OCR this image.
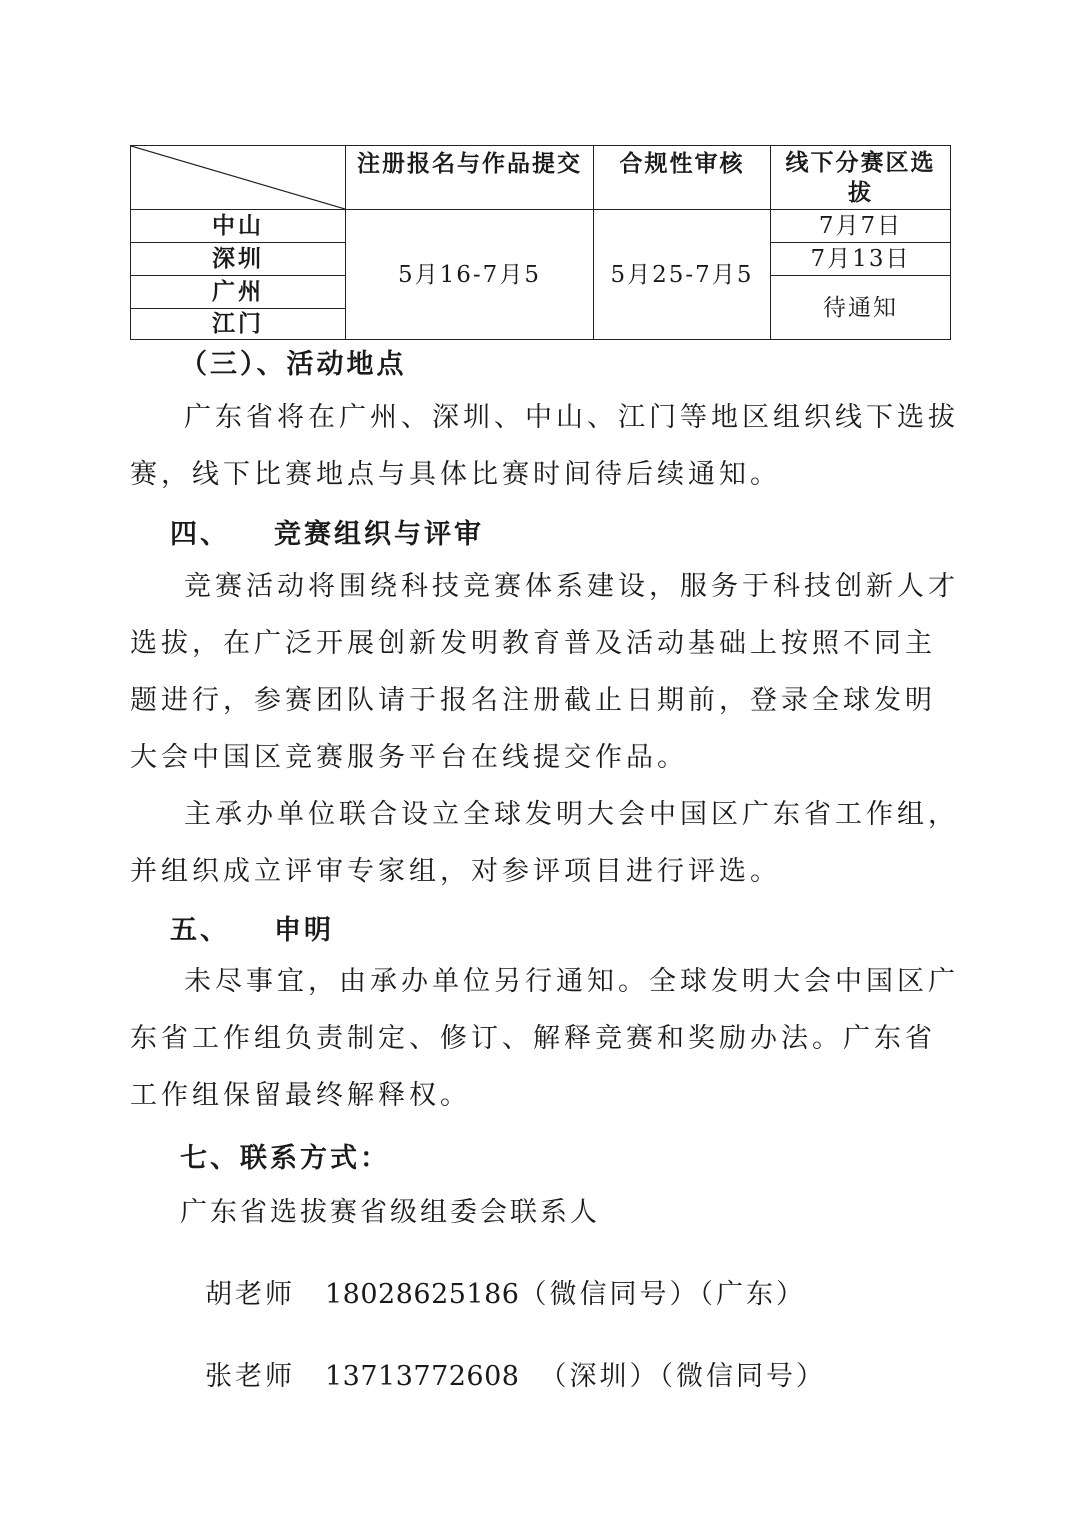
	注册报名与作品提交	合规性审核	线下分赛区选拔
中山	5月16-7月5	5月25-7月5	7月7日
深圳			7月13日
广州			待通知
江门			
（三）、活动地点

广东省将在广州、深圳、中山、江门等地区组织线下选拔赛，线下比赛地点与具体比赛时间待后续通知。

四、 竞赛组织与评审

竞赛活动将围绕科技竞赛体系建设，服务于科技创新人才选拔，在广泛开展创新发明教育普及活动基础上按照不同主题进行，参赛团队请于报名注册截止日期前，登录全球发明大会中国区竞赛服务平台在线提交作品。

主承办单位联合设立全球发明大会中国区广东省工作组，并组织成立评审专家组，对参评项目进行评选。

五、 申明

未尽事宜，由承办单位另行通知。全球发明大会中国区广东省工作组负责制定、修订、解释竞赛和奖励办法。广东省工作组保留最终解释权。

七、联系方式：
广东省选拔赛省级组委会联系人
胡老师 18028625186（微信同号）（广东）
张老师 13713772608 （深圳）（微信同号）
